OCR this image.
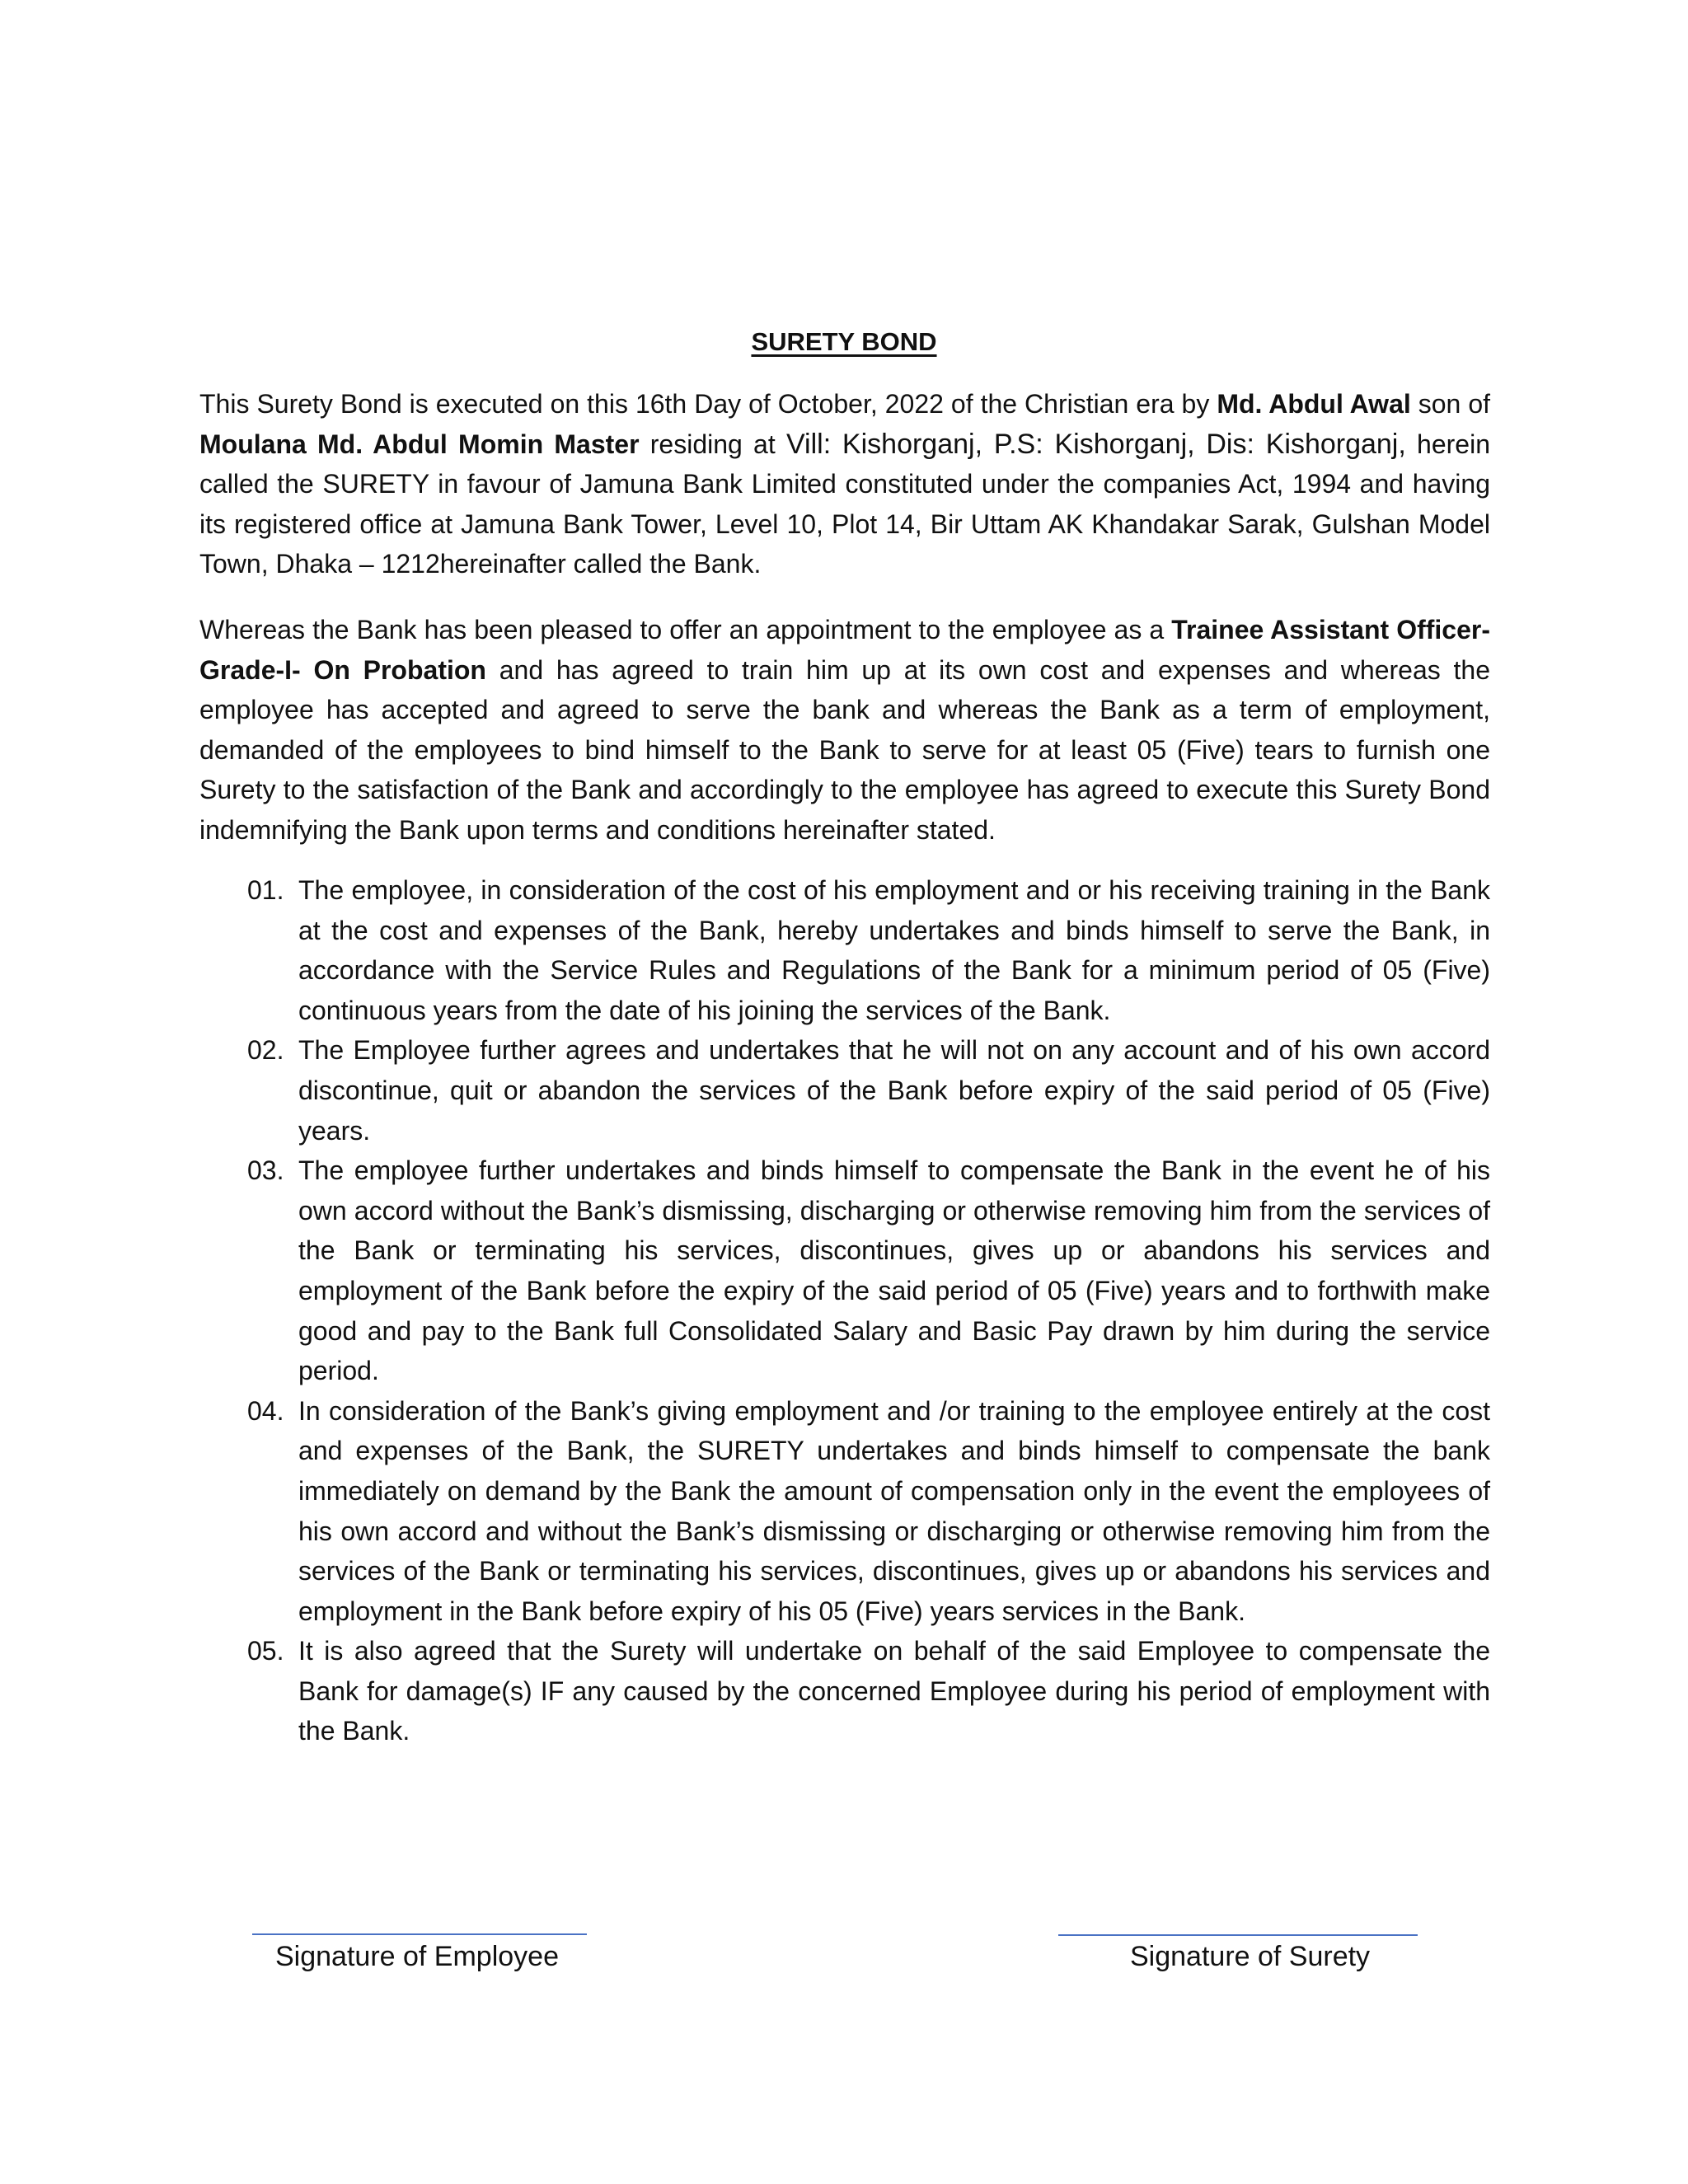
SURETY BOND

This Surety Bond is executed on this 16th Day of October, 2022 of the Christian era by Md. Abdul Awal son of Moulana Md. Abdul Momin Master residing at Vill: Kishorganj, P.S: Kishorganj, Dis: Kishorganj, herein called the SURETY in favour of Jamuna Bank Limited constituted under the companies Act, 1994 and having its registered office at Jamuna Bank Tower, Level 10, Plot 14, Bir Uttam AK Khandakar Sarak, Gulshan Model Town, Dhaka – 1212hereinafter called the Bank.

Whereas the Bank has been pleased to offer an appointment to the employee as a Trainee Assistant Officer- Grade-I- On Probation and has agreed to train him up at its own cost and expenses and whereas the employee has accepted and agreed to serve the bank and whereas the Bank as a term of employment, demanded of the employees to bind himself to the Bank to serve for at least 05 (Five) tears to furnish one Surety to the satisfaction of the Bank and accordingly to the employee has agreed to execute this Surety Bond indemnifying the Bank upon terms and conditions hereinafter stated.

01. The employee, in consideration of the cost of his employment and or his receiving training in the Bank at the cost and expenses of the Bank, hereby undertakes and binds himself to serve the Bank, in accordance with the Service Rules and Regulations of the Bank for a minimum period of 05 (Five) continuous years from the date of his joining the services of the Bank.
02. The Employee further agrees and undertakes that he will not on any account and of his own accord discontinue, quit or abandon the services of the Bank before expiry of the said period of 05 (Five) years.
03. The employee further undertakes and binds himself to compensate the Bank in the event he of his own accord without the Bank’s dismissing, discharging or otherwise removing him from the services of the Bank or terminating his services, discontinues, gives up or abandons his services and employment of the Bank before the expiry of the said period of 05 (Five) years and to forthwith make good and pay to the Bank full Consolidated Salary and Basic Pay drawn by him during the service period.
04. In consideration of the Bank’s giving employment and /or training to the employee entirely at the cost and expenses of the Bank, the SURETY undertakes and binds himself to compensate the bank immediately on demand by the Bank the amount of compensation only in the event the employees of his own accord and without the Bank’s dismissing or discharging or otherwise removing him from the services of the Bank or terminating his services, discontinues, gives up or abandons his services and employment in the Bank before expiry of his 05 (Five) years services in the Bank.
05. It is also agreed that the Surety will undertake on behalf of the said Employee to compensate the Bank for damage(s) IF any caused by the concerned Employee during his period of employment with the Bank.
Signature of Employee	Signature of Surety
